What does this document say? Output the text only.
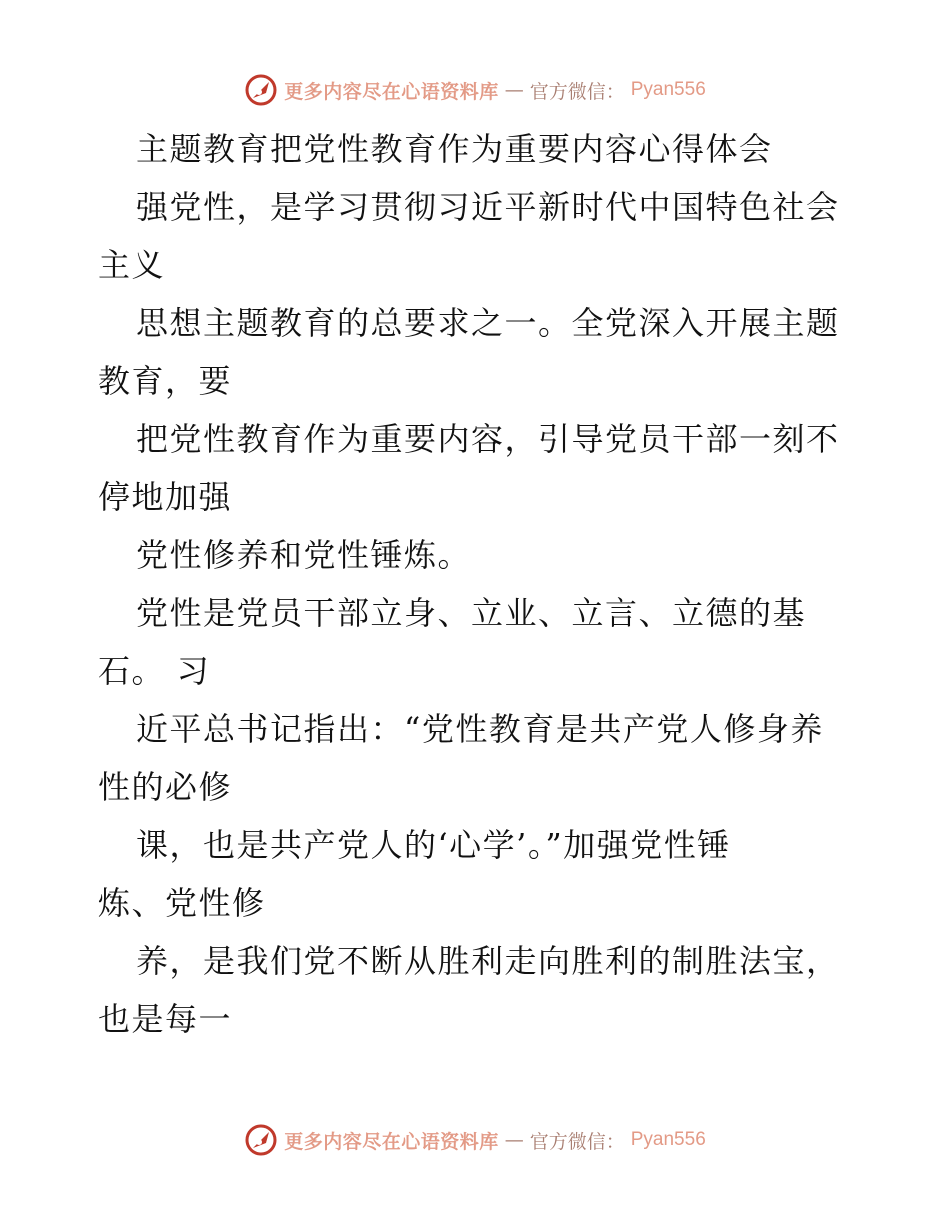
更多内容尽在心语资料库 — 官方微信： Pyan556
主题教育把党性教育作为重要内容心得体会
强党性，是学习贯彻习近平新时代中国特色社会
主义
思想主题教育的总要求之一。全党深入开展主题
教育，要
把党性教育作为重要内容，引导党员干部一刻不
停地加强
党性修养和党性锤炼。
党性是党员干部立身、立业、立言、立德的基
石。 习
近平总书记指出：“党性教育是共产党人修身养
性的必修
课，也是共产党人的‘心学’。”加强党性锤
炼、党性修
养，是我们党不断从胜利走向胜利的制胜法宝，
也是每一
更多内容尽在心语资料库 — 官方微信： Pyan556
